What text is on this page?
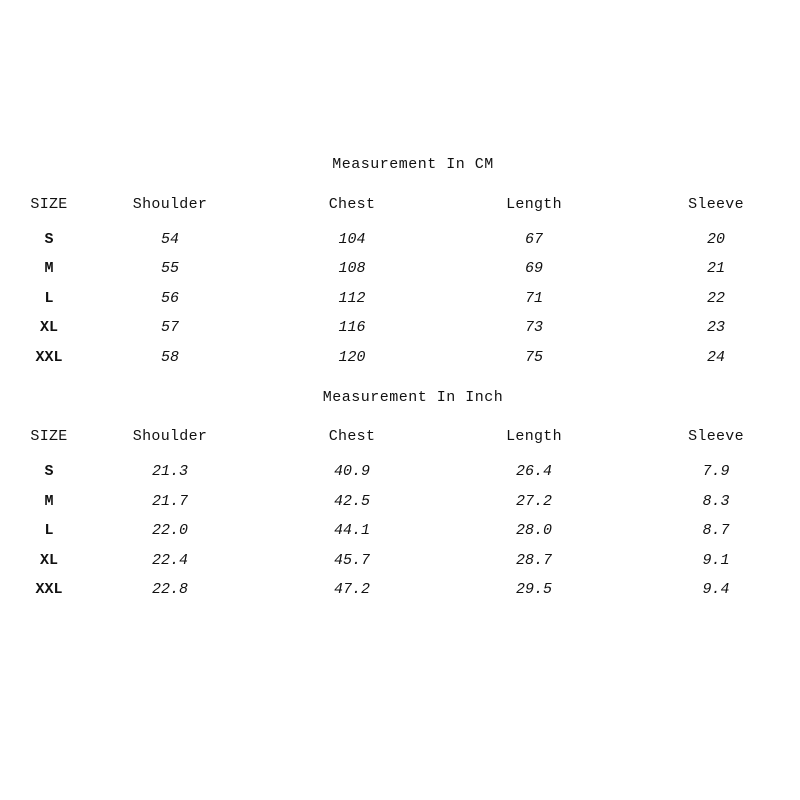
Measurement In CM
SIZE	Shoulder	Chest	Length	Sleeve
S	54	104	67	20
M	55	108	69	21
L	56	112	71	22
XL	57	116	73	23
XXL	58	120	75	24
Measurement In Inch
SIZE	Shoulder	Chest	Length	Sleeve
S	21.3	40.9	26.4	7.9
M	21.7	42.5	27.2	8.3
L	22.0	44.1	28.0	8.7
XL	22.4	45.7	28.7	9.1
XXL	22.8	47.2	29.5	9.4
